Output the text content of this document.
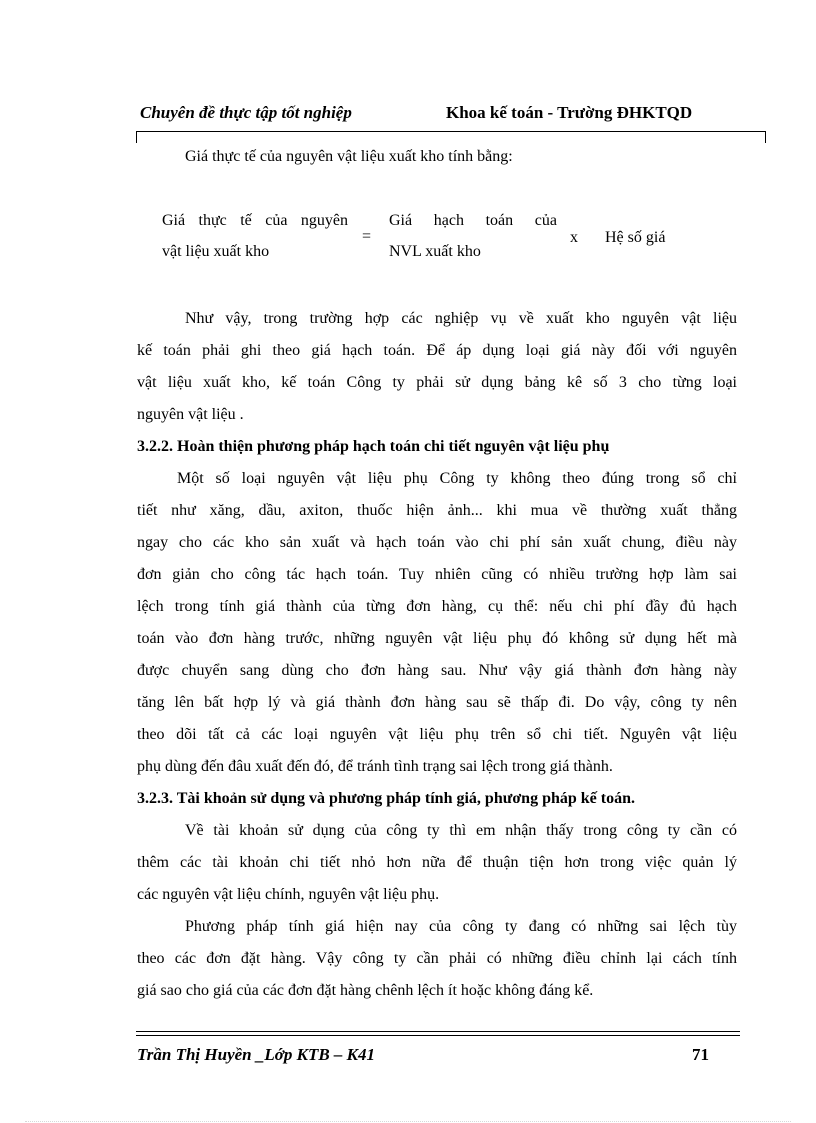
Chuyên đề thực tập tốt nghiệp	Khoa kế toán - Trường ĐHKTQD
Giá thực tế của nguyên vật liệu xuất kho tính bằng:
Giá thực tế của nguyên
vật liệu xuất kho
=
Giá hạch toán của
NVL xuất kho
x Hệ số giá
Như vậy, trong trường hợp các nghiệp vụ về xuất kho nguyên vật liệu
kế toán phải ghi theo giá hạch toán. Để áp dụng loại giá này đối với nguyên
vật liệu xuất kho, kế toán Công ty phải sử dụng bảng kê số 3 cho từng loại
nguyên vật liệu .
3.2.2. Hoàn thiện phương pháp hạch toán chi tiết nguyên vật liệu phụ
Một số loại nguyên vật liệu phụ Công ty không theo đúng trong sổ chỉ
tiết như xăng, dầu, axiton, thuốc hiện ảnh... khi mua về thường xuất thẳng
ngay cho các kho sản xuất và hạch toán vào chi phí sản xuất chung, điều này
đơn giản cho công tác hạch toán. Tuy nhiên cũng có nhiều trường hợp làm sai
lệch trong tính giá thành của từng đơn hàng, cụ thể: nếu chi phí đầy đủ hạch
toán vào đơn hàng trước, những nguyên vật liệu phụ đó không sử dụng hết mà
được chuyển sang dùng cho đơn hàng sau. Như vậy giá thành đơn hàng này
tăng lên bất hợp lý và giá thành đơn hàng sau sẽ thấp đi. Do vậy, công ty nên
theo dõi tất cả các loại nguyên vật liệu phụ trên sổ chi tiết. Nguyên vật liệu
phụ dùng đến đâu xuất đến đó, để tránh tình trạng sai lệch trong giá thành.
3.2.3. Tài khoản sử dụng và phương pháp tính giá, phương pháp kế toán.
Về tài khoản sử dụng của công ty thì em nhận thấy trong công ty cần có
thêm các tài khoản chi tiết nhỏ hơn nữa để thuận tiện hơn trong việc quản lý
các nguyên vật liệu chính, nguyên vật liệu phụ.
Phương pháp tính giá hiện nay của công ty đang có những sai lệch tùy
theo các đơn đặt hàng. Vậy công ty cần phải có những điều chỉnh lại cách tính
giá sao cho giá của các đơn đặt hàng chênh lệch ít hoặc không đáng kể.
Trần Thị Huyền _Lớp KTB – K41	71
